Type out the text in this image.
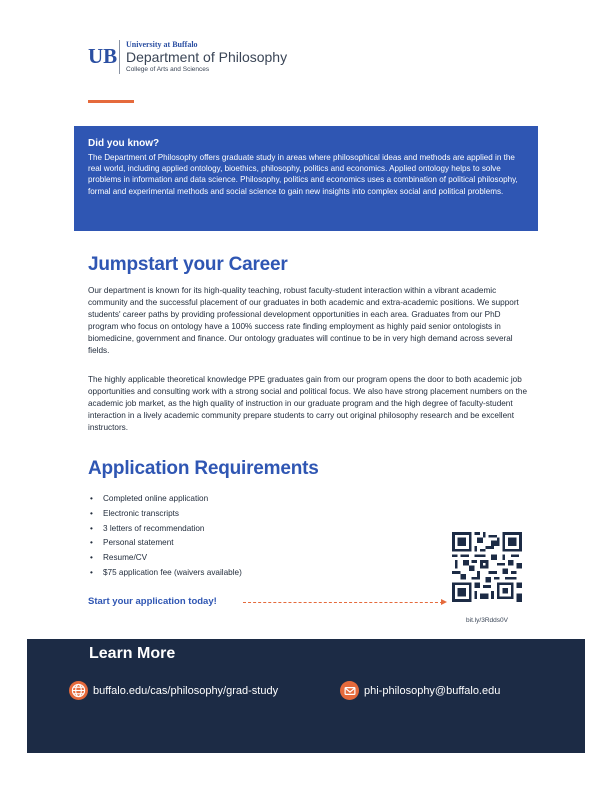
UB University at Buffalo
Department of Philosophy
College of Arts and Sciences
Did you know?
The Department of Philosophy offers graduate study in areas where philosophical ideas and methods are applied in the real world, including applied ontology, bioethics, philosophy, politics and economics. Applied ontology helps to solve problems in information and data science. Philosophy, politics and economics uses a combination of political philosophy, formal and experimental methods and social science to gain new insights into complex social and political problems.
Jumpstart your Career

Our department is known for its high-quality teaching, robust faculty-student interaction within a vibrant academic community and the successful placement of our graduates in both academic and extra-academic positions. We support students' career paths by providing professional development opportunities in each area. Graduates from our PhD program who focus on ontology have a 100% success rate finding employment as highly paid senior ontologists in biomedicine, government and finance. Our ontology graduates will continue to be in very high demand across several fields.

The highly applicable theoretical knowledge PPE graduates gain from our program opens the door to both academic job opportunities and consulting work with a strong social and political focus. We also have strong placement numbers on the academic job market, as the high quality of instruction in our graduate program and the high degree of faculty-student interaction in a lively academic community prepare students to carry out original philosophy research and be excellent instructors.

Application Requirements
• Completed online application
• Electronic transcripts
• 3 letters of recommendation
• Personal statement
• Resume/CV
• $75 application fee (waivers available)
Start your application today!
bit.ly/3Rdds0V
Learn More
buffalo.edu/cas/philosophy/grad-study	phi-philosophy@buffalo.edu
